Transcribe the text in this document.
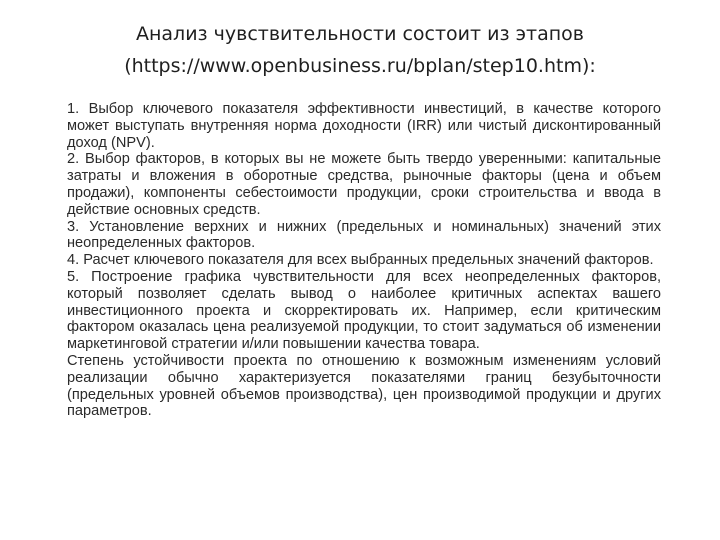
Анализ чувствительности состоит из этапов
(https://www.openbusiness.ru/bplan/step10.htm):

1. Выбор ключевого показателя эффективности инвестиций, в качестве которого может выступать внутренняя норма доходности (IRR) или чистый дисконтированный доход (NPV).

2. Выбор факторов, в которых вы не можете быть твердо уверенными: капитальные затраты и вложения в оборотные средства, рыночные факторы (цена и объем продажи), компоненты себестоимости продукции, сроки строительства и ввода в действие основных средств.

3. Установление верхних и нижних (предельных и номинальных) значений этих неопределенных факторов.

4. Расчет ключевого показателя для всех выбранных предельных значений факторов.

5. Построение графика чувствительности для всех неопределенных факторов, который позволяет сделать вывод о наиболее критичных аспектах вашего инвестиционного проекта и скорректировать их. Например, если критическим фактором оказалась цена реализуемой продукции, то стоит задуматься об изменении маркетинговой стратегии и/или повышении качества товара.

Степень устойчивости проекта по отношению к возможным изменениям условий реализации обычно характеризуется показателями границ безубыточности (предельных уровней объемов производства), цен производимой продукции и других параметров.
